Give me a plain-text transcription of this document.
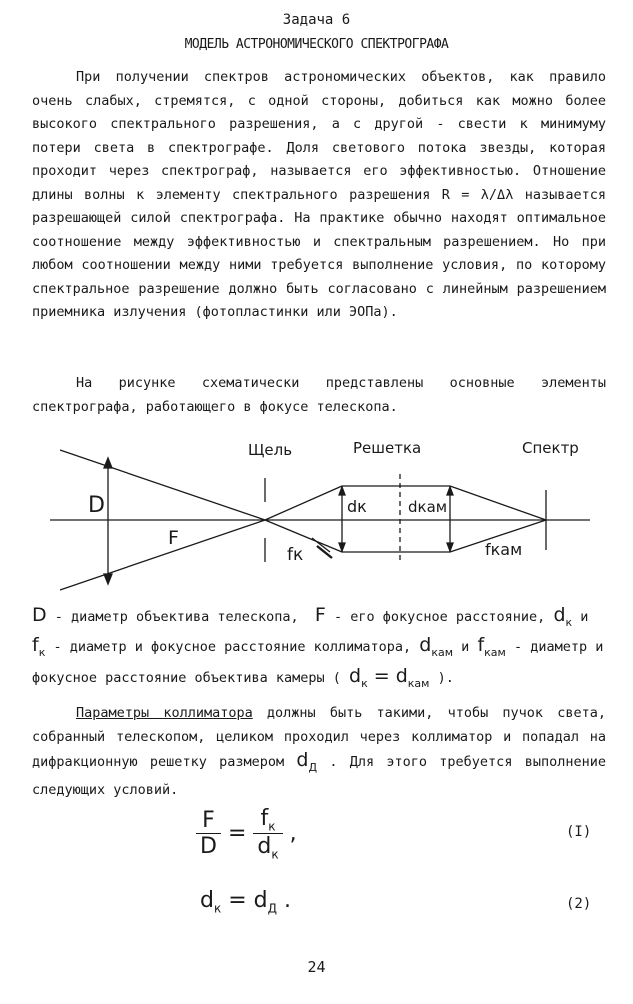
Задача 6
МОДЕЛЬ АСТРОНОМИЧЕСКОГО СПЕКТРОГРАФА

При получении спектров астрономических объектов, как правило очень слабых, стремятся, с одной стороны, добиться как можно более высокого спектрального разрешения, а с другой - свести к минимуму потери света в спектрографе. Доля светового потока звезды, которая проходит через спектрограф, называется его эффективностью. Отношение длины волны к элементу спектрального разрешения R = λ/Δλ называется разрешающей силой спектрографа. На практике обычно находят оптимальное соотношение между эффективностью и спектральным разрешением. Но при любом соотношении между ними требуется выполнение условия, по которому спектральное разрешение должно быть согласовано с линейным разрешением приемника излучения (фотопластинки или ЭОПа).

На рисунке схематически представлены основные элементы спектрографа, работающего в фокусе телескопа.

Щель	Решетка	Спектр
D
F
fк
dк	dкам
fкам

D - диаметр объектива телескопа, F - его фокусное расстояние, $d_к$ и $f_к$ - диаметр и фокусное расстояние коллиматора, $d_{кам}$ и $f_{кам}$ - диаметр и фокусное расстояние объектива камеры ( $d_к = d_{кам}$ ).

Параметры коллиматора должны быть такими, чтобы пучок света, собранный телескопом, целиком проходил через коллиматор и попадал на дифракционную решетку размером $d_Д$ . Для этого требуется выполнение следующих условий.

$\frac{F}{D} = \frac{f_к}{d_к}$ ,	(I)
$d_к = d_Д$ .	(2)
24
